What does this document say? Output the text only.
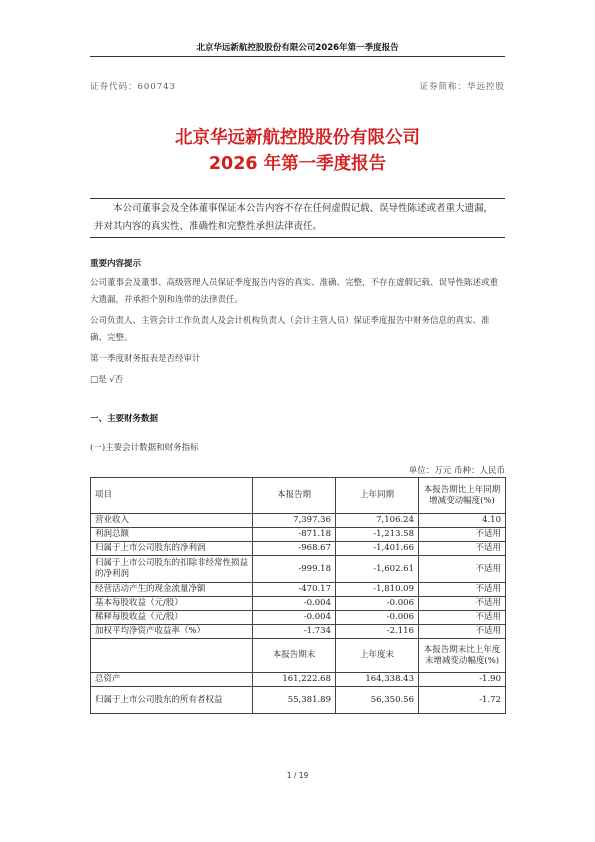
北京华远新航控股股份有限公司2026年第一季度报告
证券代码：600743	证券简称：华远控股
北京华远新航控股股份有限公司
2026 年第一季度报告

本公司董事会及全体董事保证本公告内容不存在任何虚假记载、误导性陈述或者重大遗漏，并对其内容的真实性、准确性和完整性承担法律责任。

重要内容提示
公司董事会及董事、高级管理人员保证季度报告内容的真实、准确、完整，不存在虚假记载、误导性陈述或重大遗漏，并承担个别和连带的法律责任。
公司负责人、主管会计工作负责人及会计机构负责人（会计主管人员）保证季度报告中财务信息的真实、准确、完整。
第一季度财务报表是否经审计
□是 √否
一、主要财务数据
(一)主要会计数据和财务指标
单位：万元 币种：人民币
项目	本报告期	上年同期	本报告期比上年同期增减变动幅度(%)
营业收入	7,397.36	7,106.24	4.10
利润总额	-871.18	-1,213.58	不适用
归属于上市公司股东的净利润	-968.67	-1,401.66	不适用
归属于上市公司股东的扣除非经常性损益的净利润	-999.18	-1,602.61	不适用
经营活动产生的现金流量净额	-470.17	-1,810.09	不适用
基本每股收益（元/股）	-0.004	-0.006	不适用
稀释每股收益（元/股）	-0.004	-0.006	不适用
加权平均净资产收益率（%）	-1.734	-2.116	不适用
	本报告期末	上年度末	本报告期末比上年度末增减变动幅度(%)
总资产	161,222.68	164,338.43	-1.90
归属于上市公司股东的所有者权益	55,381.89	56,350.56	-1.72
1 / 19
